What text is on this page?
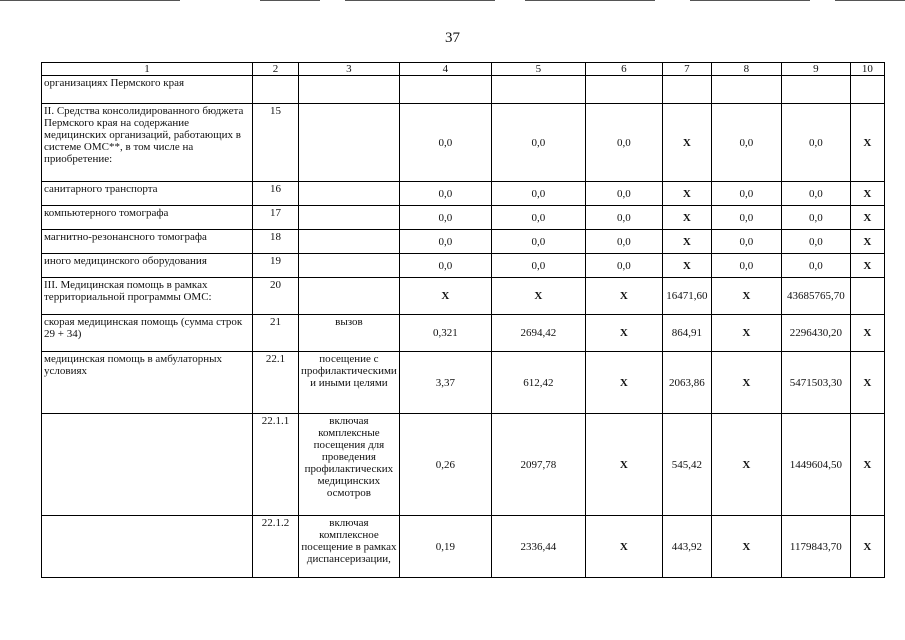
37
1	2	3	4	5	6	7	8	9	10
организациях Пермского края									
II. Средства консолидированного бюджета Пермского края на содержание медицинских организаций, работающих в системе ОМС**, в том числе на приобретение:	15		0,0	0,0	0,0	X	0,0	0,0	X
санитарного транспорта	16		0,0	0,0	0,0	X	0,0	0,0	X
компьютерного томографа	17		0,0	0,0	0,0	X	0,0	0,0	X
магнитно-резонансного томографа	18		0,0	0,0	0,0	X	0,0	0,0	X
иного медицинского оборудования	19		0,0	0,0	0,0	X	0,0	0,0	X
III. Медицинская помощь в рамках территориальной программы ОМС:	20		X	X	X	16471,60	X	43685765,70	
скорая медицинская помощь (сумма строк 29 + 34)	21	вызов	0,321	2694,42	X	864,91	X	2296430,20	X
медицинская помощь в амбулаторных условиях	22.1	посещение с профилактическими и иными целями	3,37	612,42	X	2063,86	X	5471503,30	X
	22.1.1	включая комплексные посещения для проведения профилактических медицинских осмотров	0,26	2097,78	X	545,42	X	1449604,50	X
	22.1.2	включая комплексное посещение в рамках диспансеризации,	0,19	2336,44	X	443,92	X	1179843,70	X
